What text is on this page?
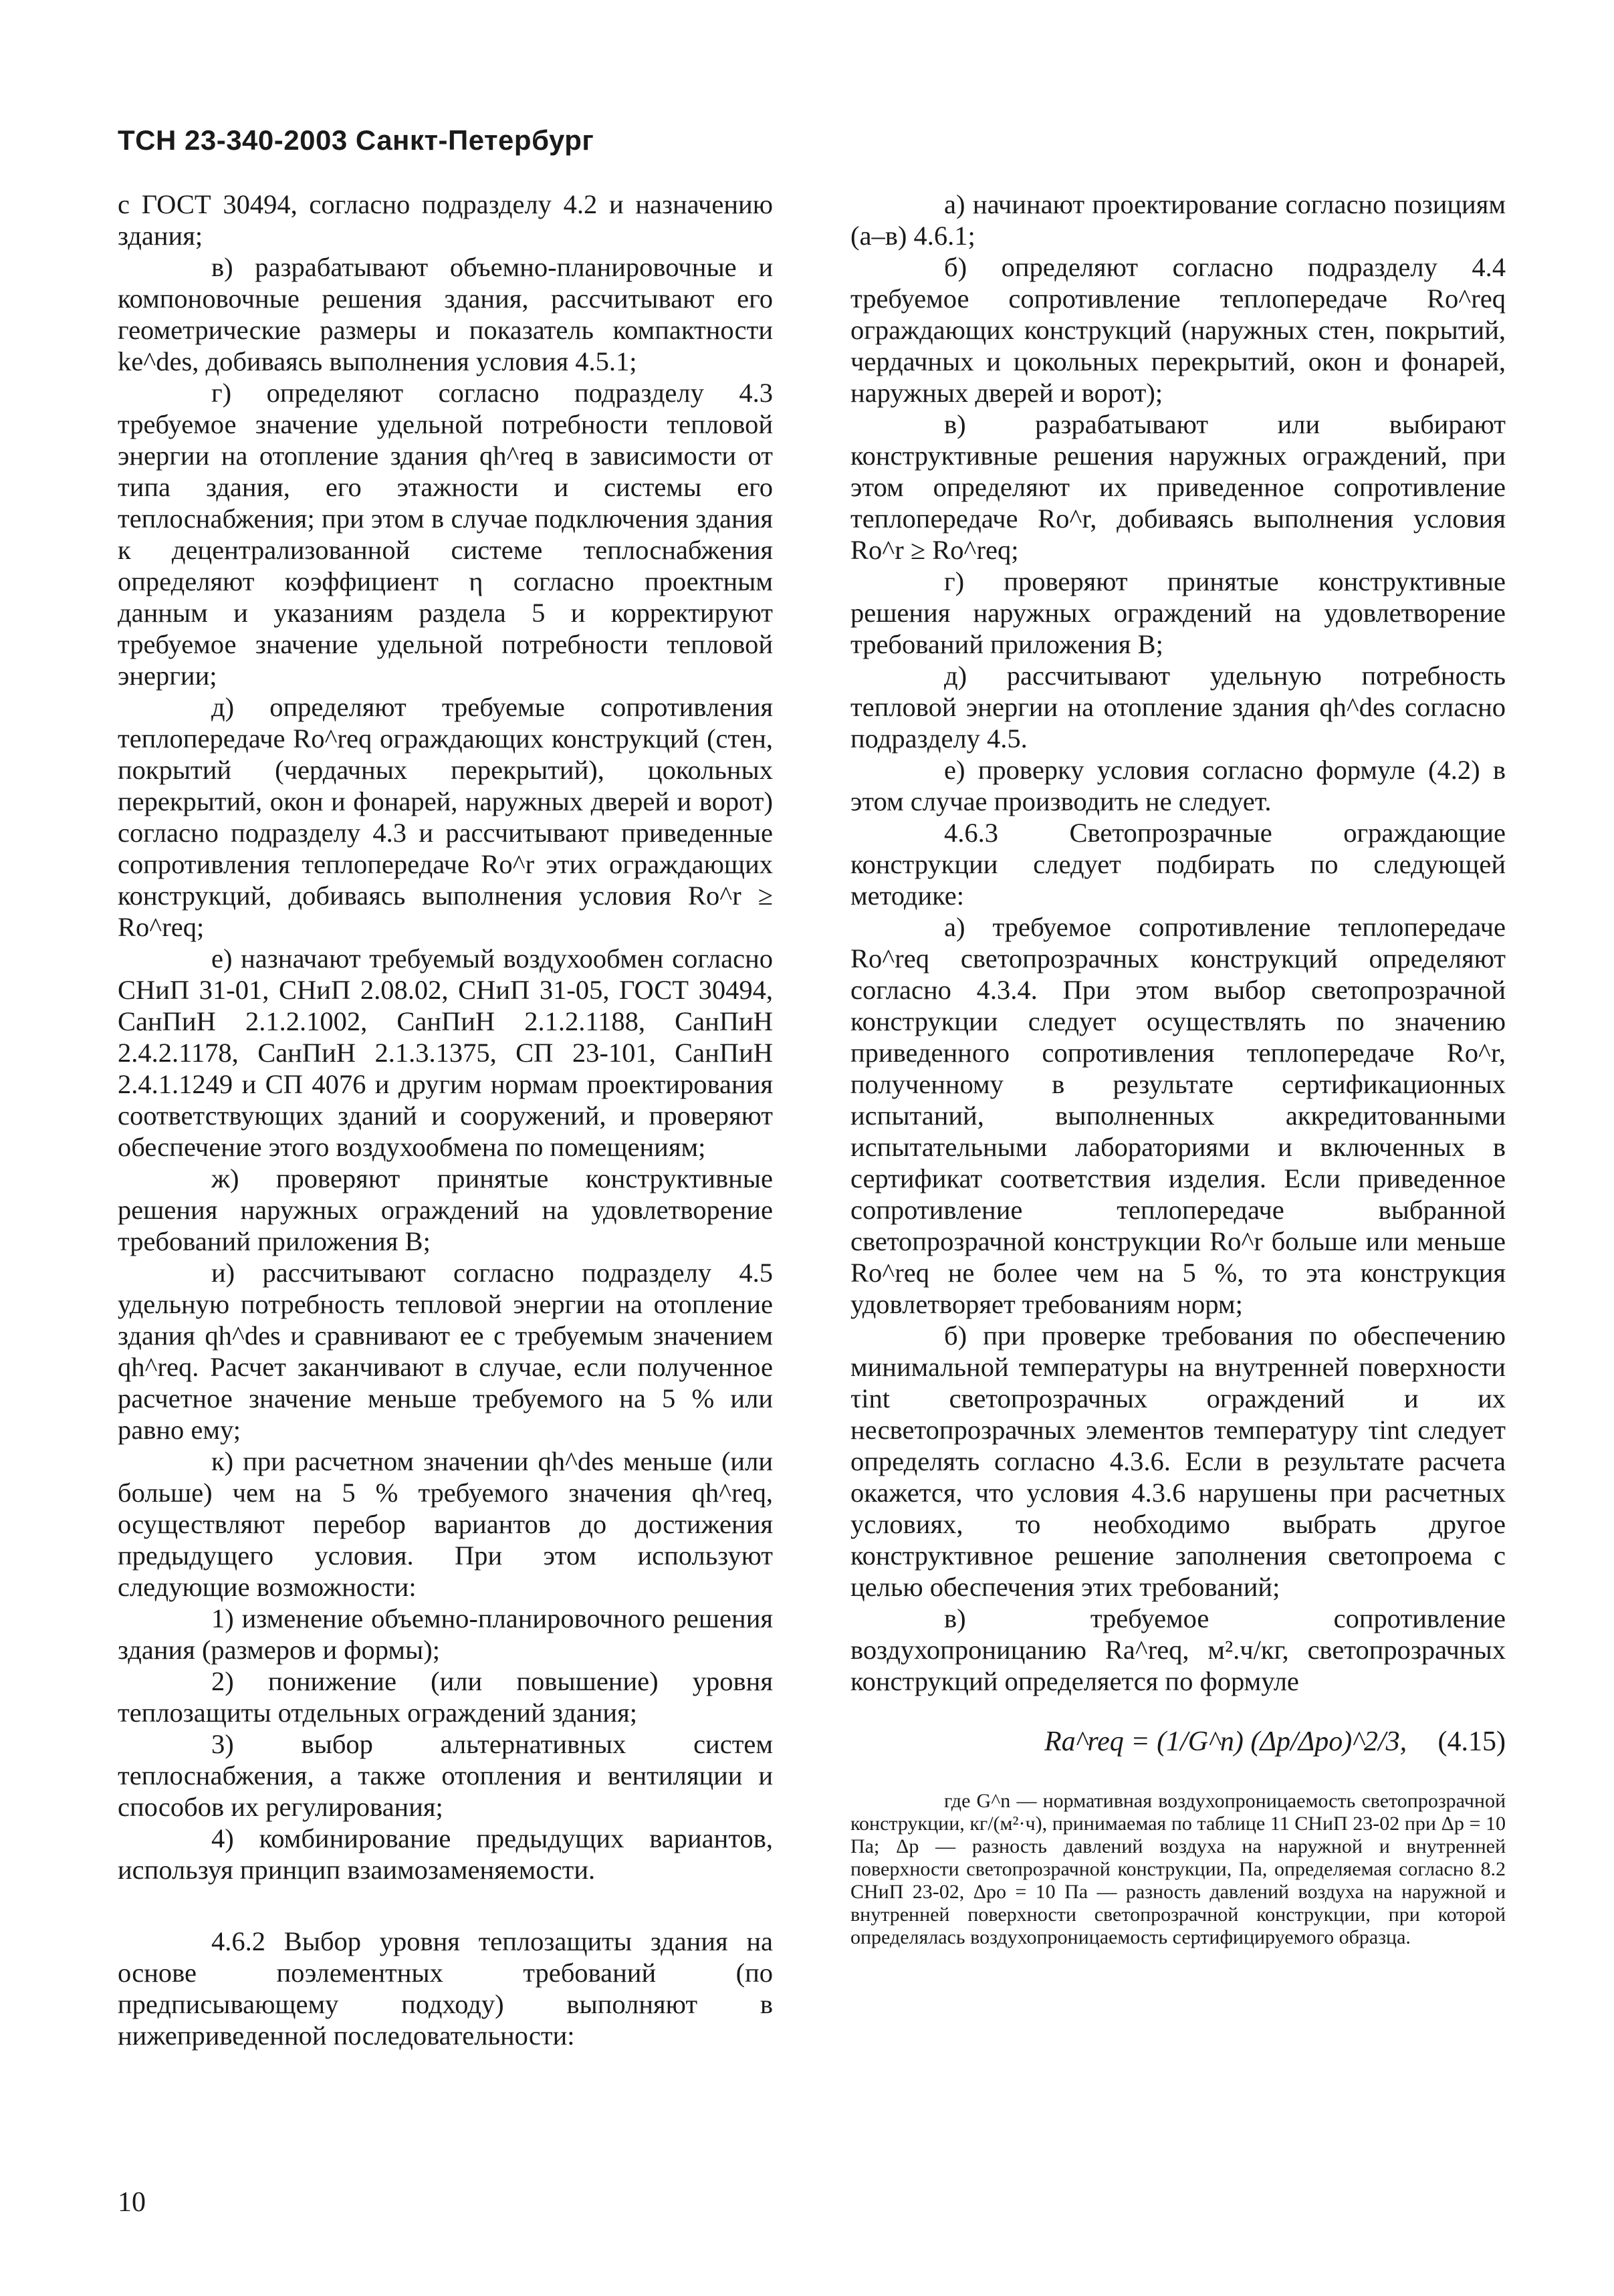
ТСН 23-340-2003 Санкт-Петербург

с ГОСТ 30494, согласно подразделу 4.2 и назначению здания;

в) разрабатывают объемно-планировочные и компоновочные решения здания, рассчитывают его геометрические размеры и показатель компактности ke^des, добиваясь выполнения условия 4.5.1;

г) определяют согласно подразделу 4.3 требуемое значение удельной потребности тепловой энергии на отопление здания qh^req в зависимости от типа здания, его этажности и системы его теплоснабжения; при этом в случае подключения здания к децентрализованной системе теплоснабжения определяют коэффициент η согласно проектным данным и указаниям раздела 5 и корректируют требуемое значение удельной потребности тепловой энергии;

д) определяют требуемые сопротивления теплопередаче Ro^req ограждающих конструкций (стен, покрытий (чердачных перекрытий), цокольных перекрытий, окон и фонарей, наружных дверей и ворот) согласно подразделу 4.3 и рассчитывают приведенные сопротивления теплопередаче Ro^r этих ограждающих конструкций, добиваясь выполнения условия Ro^r ≥ Ro^req;

е) назначают требуемый воздухообмен согласно СНиП 31-01, СНиП 2.08.02, СНиП 31-05, ГОСТ 30494, СанПиН 2.1.2.1002, СанПиН 2.1.2.1188, СанПиН 2.4.2.1178, СанПиН 2.1.3.1375, СП 23-101, СанПиН 2.4.1.1249 и СП 4076 и другим нормам проектирования соответствующих зданий и сооружений, и проверяют обеспечение этого воздухообмена по помещениям;

ж) проверяют принятые конструктивные решения наружных ограждений на удовлетворение требований приложения В;

и) рассчитывают согласно подразделу 4.5 удельную потребность тепловой энергии на отопление здания qh^des и сравнивают ее с требуемым значением qh^req. Расчет заканчивают в случае, если полученное расчетное значение меньше требуемого на 5 % или равно ему;

к) при расчетном значении qh^des меньше (или больше) чем на 5 % требуемого значения qh^req, осуществляют перебор вариантов до достижения предыдущего условия. При этом используют следующие возможности:

1) изменение объемно-планировочного решения здания (размеров и формы);

2) понижение (или повышение) уровня теплозащиты отдельных ограждений здания;

3) выбор альтернативных систем теплоснабжения, а также отопления и вентиляции и способов их регулирования;

4) комбинирование предыдущих вариантов, используя принцип взаимозаменяемости.

4.6.2 Выбор уровня теплозащиты здания на основе поэлементных требований (по предписывающему подходу) выполняют в нижеприведенной последовательности:

а) начинают проектирование согласно позициям (а–в) 4.6.1;

б) определяют согласно подразделу 4.4 требуемое сопротивление теплопередаче Ro^req ограждающих конструкций (наружных стен, покрытий, чердачных и цокольных перекрытий, окон и фонарей, наружных дверей и ворот);

в) разрабатывают или выбирают конструктивные решения наружных ограждений, при этом определяют их приведенное сопротивление теплопередаче Ro^r, добиваясь выполнения условия Ro^r ≥ Ro^req;

г) проверяют принятые конструктивные решения наружных ограждений на удовлетворение требований приложения В;

д) рассчитывают удельную потребность тепловой энергии на отопление здания qh^des согласно подразделу 4.5.

е) проверку условия согласно формуле (4.2) в этом случае производить не следует.

4.6.3 Светопрозрачные ограждающие конструкции следует подбирать по следующей методике:

а) требуемое сопротивление теплопередаче Ro^req светопрозрачных конструкций определяют согласно 4.3.4. При этом выбор светопрозрачной конструкции следует осуществлять по значению приведенного сопротивления теплопередаче Ro^r, полученному в результате сертификационных испытаний, выполненных аккредитованными испытательными лабораториями и включенных в сертификат соответствия изделия. Если приведенное сопротивление теплопередаче выбранной светопрозрачной конструкции Ro^r больше или меньше Ro^req не более чем на 5 %, то эта конструкция удовлетворяет требованиям норм;

б) при проверке требования по обеспечению минимальной температуры на внутренней поверхности τint светопрозрачных ограждений и их несветопрозрачных элементов температуру τint следует определять согласно 4.3.6. Если в результате расчета окажется, что условия 4.3.6 нарушены при расчетных условиях, то необходимо выбрать другое конструктивное решение заполнения светопроема с целью обеспечения этих требований;

в) требуемое сопротивление воздухопроницанию Ra^req, м².ч/кг, светопрозрачных конструкций определяется по формуле

Ra^req = (1/G^n) (Δp/Δpo)^2/3, (4.15)

где G^n — нормативная воздухопроницаемость светопрозрачной конструкции, кг/(м²·ч), принимаемая по таблице 11 СНиП 23-02 при Δp = 10 Па; Δp — разность давлений воздуха на наружной и внутренней поверхности светопрозрачной конструкции, Па, определяемая согласно 8.2 СНиП 23-02, Δpo = 10 Па — разность давлений воздуха на наружной и внутренней поверхности светопрозрачной конструкции, при которой определялась воздухопроницаемость сертифицируемого образца.

10
